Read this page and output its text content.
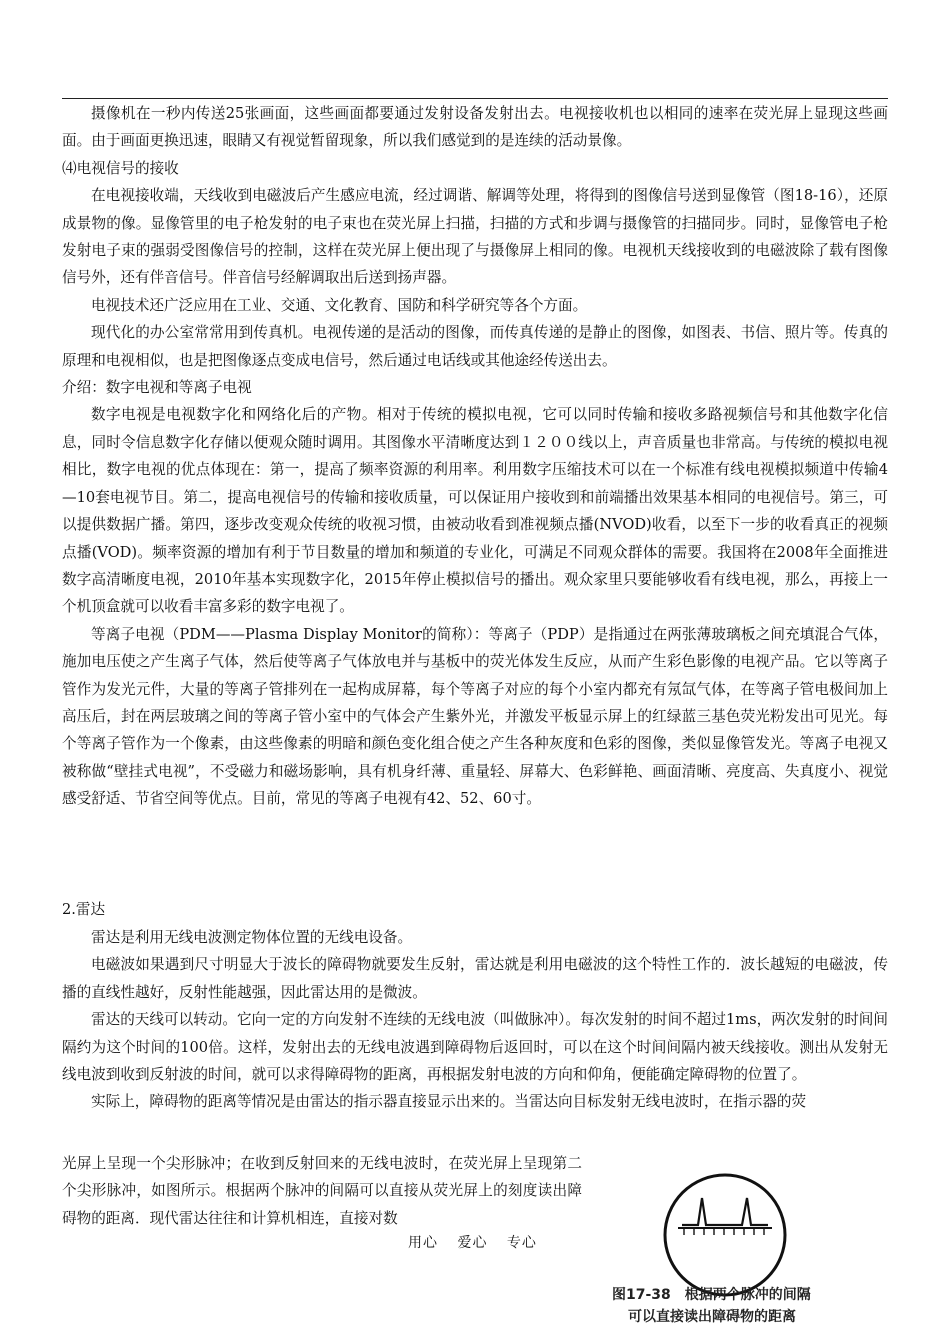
摄像机在一秒内传送25张画面，这些画面都要通过发射设备发射出去。电视接收机也以相同的速率在荧光屏上显现这些画面。由于画面更换迅速，眼睛又有视觉暂留现象，所以我们感觉到的是连续的活动景像。

⑷电视信号的接收

在电视接收端，天线收到电磁波后产生感应电流，经过调谐、解调等处理，将得到的图像信号送到显像管（图18-16），还原成景物的像。显像管里的电子枪发射的电子束也在荧光屏上扫描，扫描的方式和步调与摄像管的扫描同步。同时，显像管电子枪发射电子束的强弱受图像信号的控制，这样在荧光屏上便出现了与摄像屏上相同的像。电视机天线接收到的电磁波除了载有图像信号外，还有伴音信号。伴音信号经解调取出后送到扬声器。

电视技术还广泛应用在工业、交通、文化教育、国防和科学研究等各个方面。

现代化的办公室常常用到传真机。电视传递的是活动的图像，而传真传递的是静止的图像，如图表、书信、照片等。传真的原理和电视相似，也是把图像逐点变成电信号，然后通过电话线或其他途经传送出去。

介绍：数字电视和等离子电视

数字电视是电视数字化和网络化后的产物。相对于传统的模拟电视，它可以同时传输和接收多路视频信号和其他数字化信息，同时令信息数字化存储以便观众随时调用。其图像水平清晰度达到１２００线以上，声音质量也非常高。与传统的模拟电视相比，数字电视的优点体现在：第一，提高了频率资源的利用率。利用数字压缩技术可以在一个标准有线电视模拟频道中传输4—10套电视节目。第二，提高电视信号的传输和接收质量，可以保证用户接收到和前端播出效果基本相同的电视信号。第三，可以提供数据广播。第四，逐步改变观众传统的收视习惯，由被动收看到准视频点播(NVOD)收看，以至下一步的收看真正的视频点播(VOD)。频率资源的增加有利于节目数量的增加和频道的专业化，可满足不同观众群体的需要。我国将在2008年全面推进数字高清晰度电视，2010年基本实现数字化，2015年停止模拟信号的播出。观众家里只要能够收看有线电视，那么，再接上一个机顶盒就可以收看丰富多彩的数字电视了。

等离子电视（PDM——Plasma Display Monitor的简称）：等离子（PDP）是指通过在两张薄玻璃板之间充填混合气体，施加电压使之产生离子气体，然后使等离子气体放电并与基板中的荧光体发生反应，从而产生彩色影像的电视产品。它以等离子管作为发光元件，大量的等离子管排列在一起构成屏幕，每个等离子对应的每个小室内都充有氖氙气体，在等离子管电极间加上高压后，封在两层玻璃之间的等离子管小室中的气体会产生紫外光，并激发平板显示屏上的红绿蓝三基色荧光粉发出可见光。每个等离子管作为一个像素，由这些像素的明暗和颜色变化组合使之产生各种灰度和色彩的图像，类似显像管发光。等离子电视又被称做“壁挂式电视”，不受磁力和磁场影响，具有机身纤薄、重量轻、屏幕大、色彩鲜艳、画面清晰、亮度高、失真度小、视觉感受舒适、节省空间等优点。目前，常见的等离子电视有42、52、60寸。

2.雷达

雷达是利用无线电波测定物体位置的无线电设备。

电磁波如果遇到尺寸明显大于波长的障碍物就要发生反射，雷达就是利用电磁波的这个特性工作的．波长越短的电磁波，传播的直线性越好，反射性能越强，因此雷达用的是微波。

雷达的天线可以转动。它向一定的方向发射不连续的无线电波（叫做脉冲）。每次发射的时间不超过1ms，两次发射的时间间隔约为这个时间的100倍。这样，发射出去的无线电波遇到障碍物后返回时，可以在这个时间间隔内被天线接收。测出从发射无线电波到收到反射波的时间，就可以求得障碍物的距离，再根据发射电波的方向和仰角，便能确定障碍物的位置了。

实际上，障碍物的距离等情况是由雷达的指示器直接显示出来的。当雷达向目标发射无线电波时，在指示器的荧

光屏上呈现一个尖形脉冲；在收到反射回来的无线电波时，在荧光屏上呈现第二个尖形脉冲，如图所示。根据两个脉冲的间隔可以直接从荧光屏上的刻度读出障碍物的距离．现代雷达往往和计算机相连，直接对数
用心 爱心 专心
图17-38　根据两个脉冲的间隔
可以直接读出障碍物的距离
